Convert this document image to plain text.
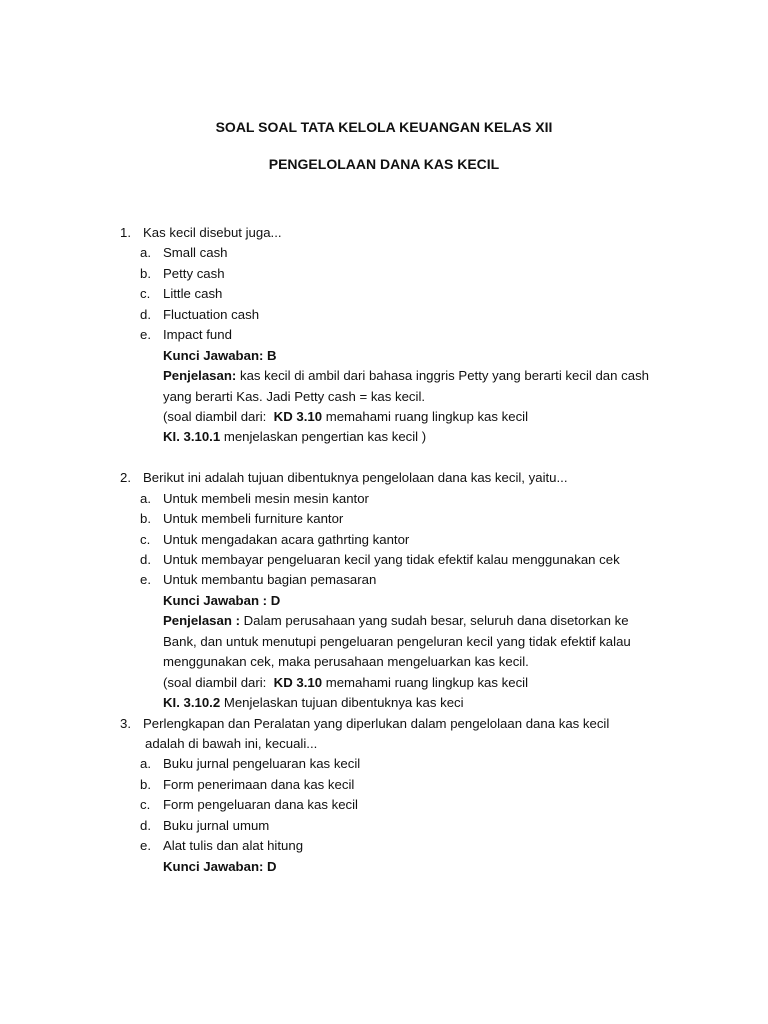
SOAL SOAL TATA KELOLA KEUANGAN KELAS XII
PENGELOLAAN DANA KAS KECIL
1. Kas kecil disebut juga...
a. Small cash
b. Petty cash
c. Little cash
d. Fluctuation cash
e. Impact fund
Kunci Jawaban: B
Penjelasan: kas kecil di ambil dari bahasa inggris Petty yang berarti kecil dan cash
yang berarti Kas. Jadi Petty cash = kas kecil.
(soal diambil dari:  KD 3.10 memahami ruang lingkup kas kecil
KI. 3.10.1 menjelaskan pengertian kas kecil )
2. Berikut ini adalah tujuan dibentuknya pengelolaan dana kas kecil, yaitu...
a. Untuk membeli mesin mesin kantor
b. Untuk membeli furniture kantor
c. Untuk mengadakan acara gathrting kantor
d. Untuk membayar pengeluaran kecil yang tidak efektif kalau menggunakan cek
e. Untuk membantu bagian pemasaran
Kunci Jawaban : D
Penjelasan : Dalam perusahaan yang sudah besar, seluruh dana disetorkan ke
Bank, dan untuk menutupi pengeluaran pengeluran kecil yang tidak efektif kalau
menggunakan cek, maka perusahaan mengeluarkan kas kecil.
(soal diambil dari:  KD 3.10 memahami ruang lingkup kas kecil
KI. 3.10.2 Menjelaskan tujuan dibentuknya kas keci
3. Perlengkapan dan Peralatan yang diperlukan dalam pengelolaan dana kas kecil
adalah di bawah ini, kecuali...
a. Buku jurnal pengeluaran kas kecil
b. Form penerimaan dana kas kecil
c. Form pengeluaran dana kas kecil
d. Buku jurnal umum
e. Alat tulis dan alat hitung
Kunci Jawaban: D
